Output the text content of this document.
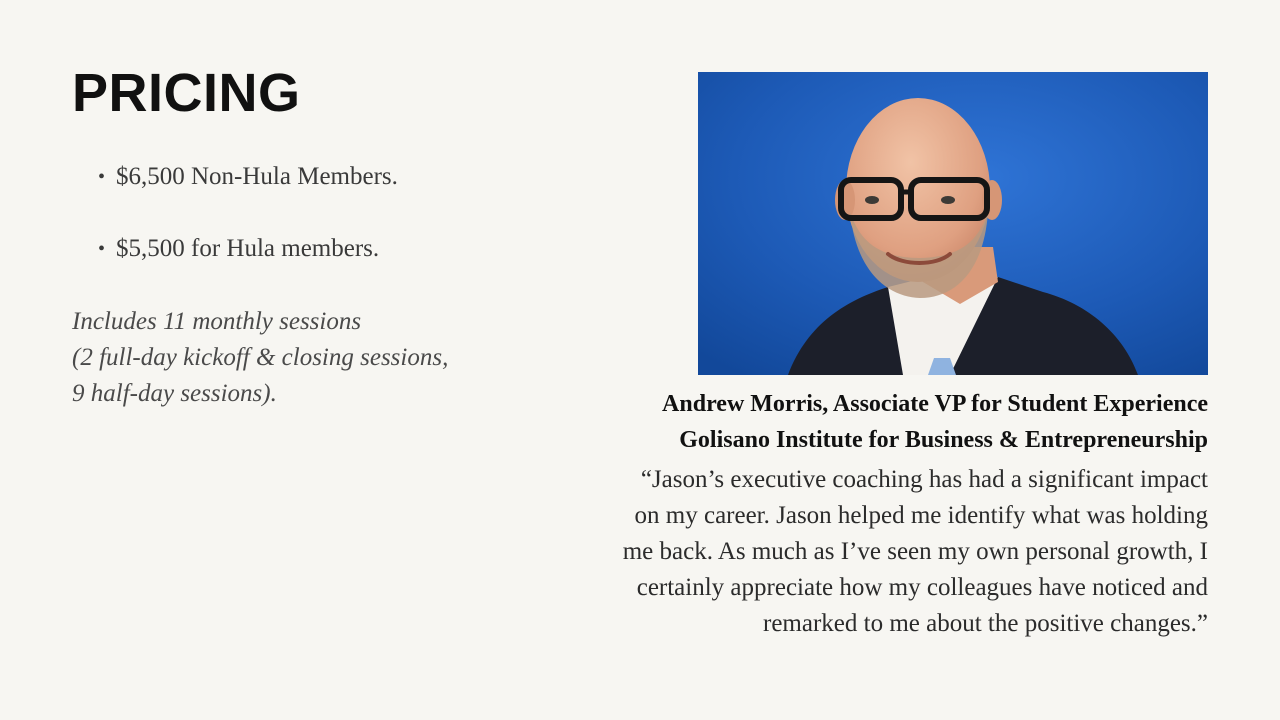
PRICING
• $6,500 Non-Hula Members.
• $5,500 for Hula members.
Includes 11 monthly sessions
(2 full-day kickoff & closing sessions,
9 half-day sessions).	Andrew Morris, Associate VP for Student Experience
Golisano Institute for Business & Entrepreneurship
“Jason’s executive coaching has had a significant impact
on my career. Jason helped me identify what was holding
me back. As much as I’ve seen my own personal growth, I
certainly appreciate how my colleagues have noticed and
remarked to me about the positive changes.”
